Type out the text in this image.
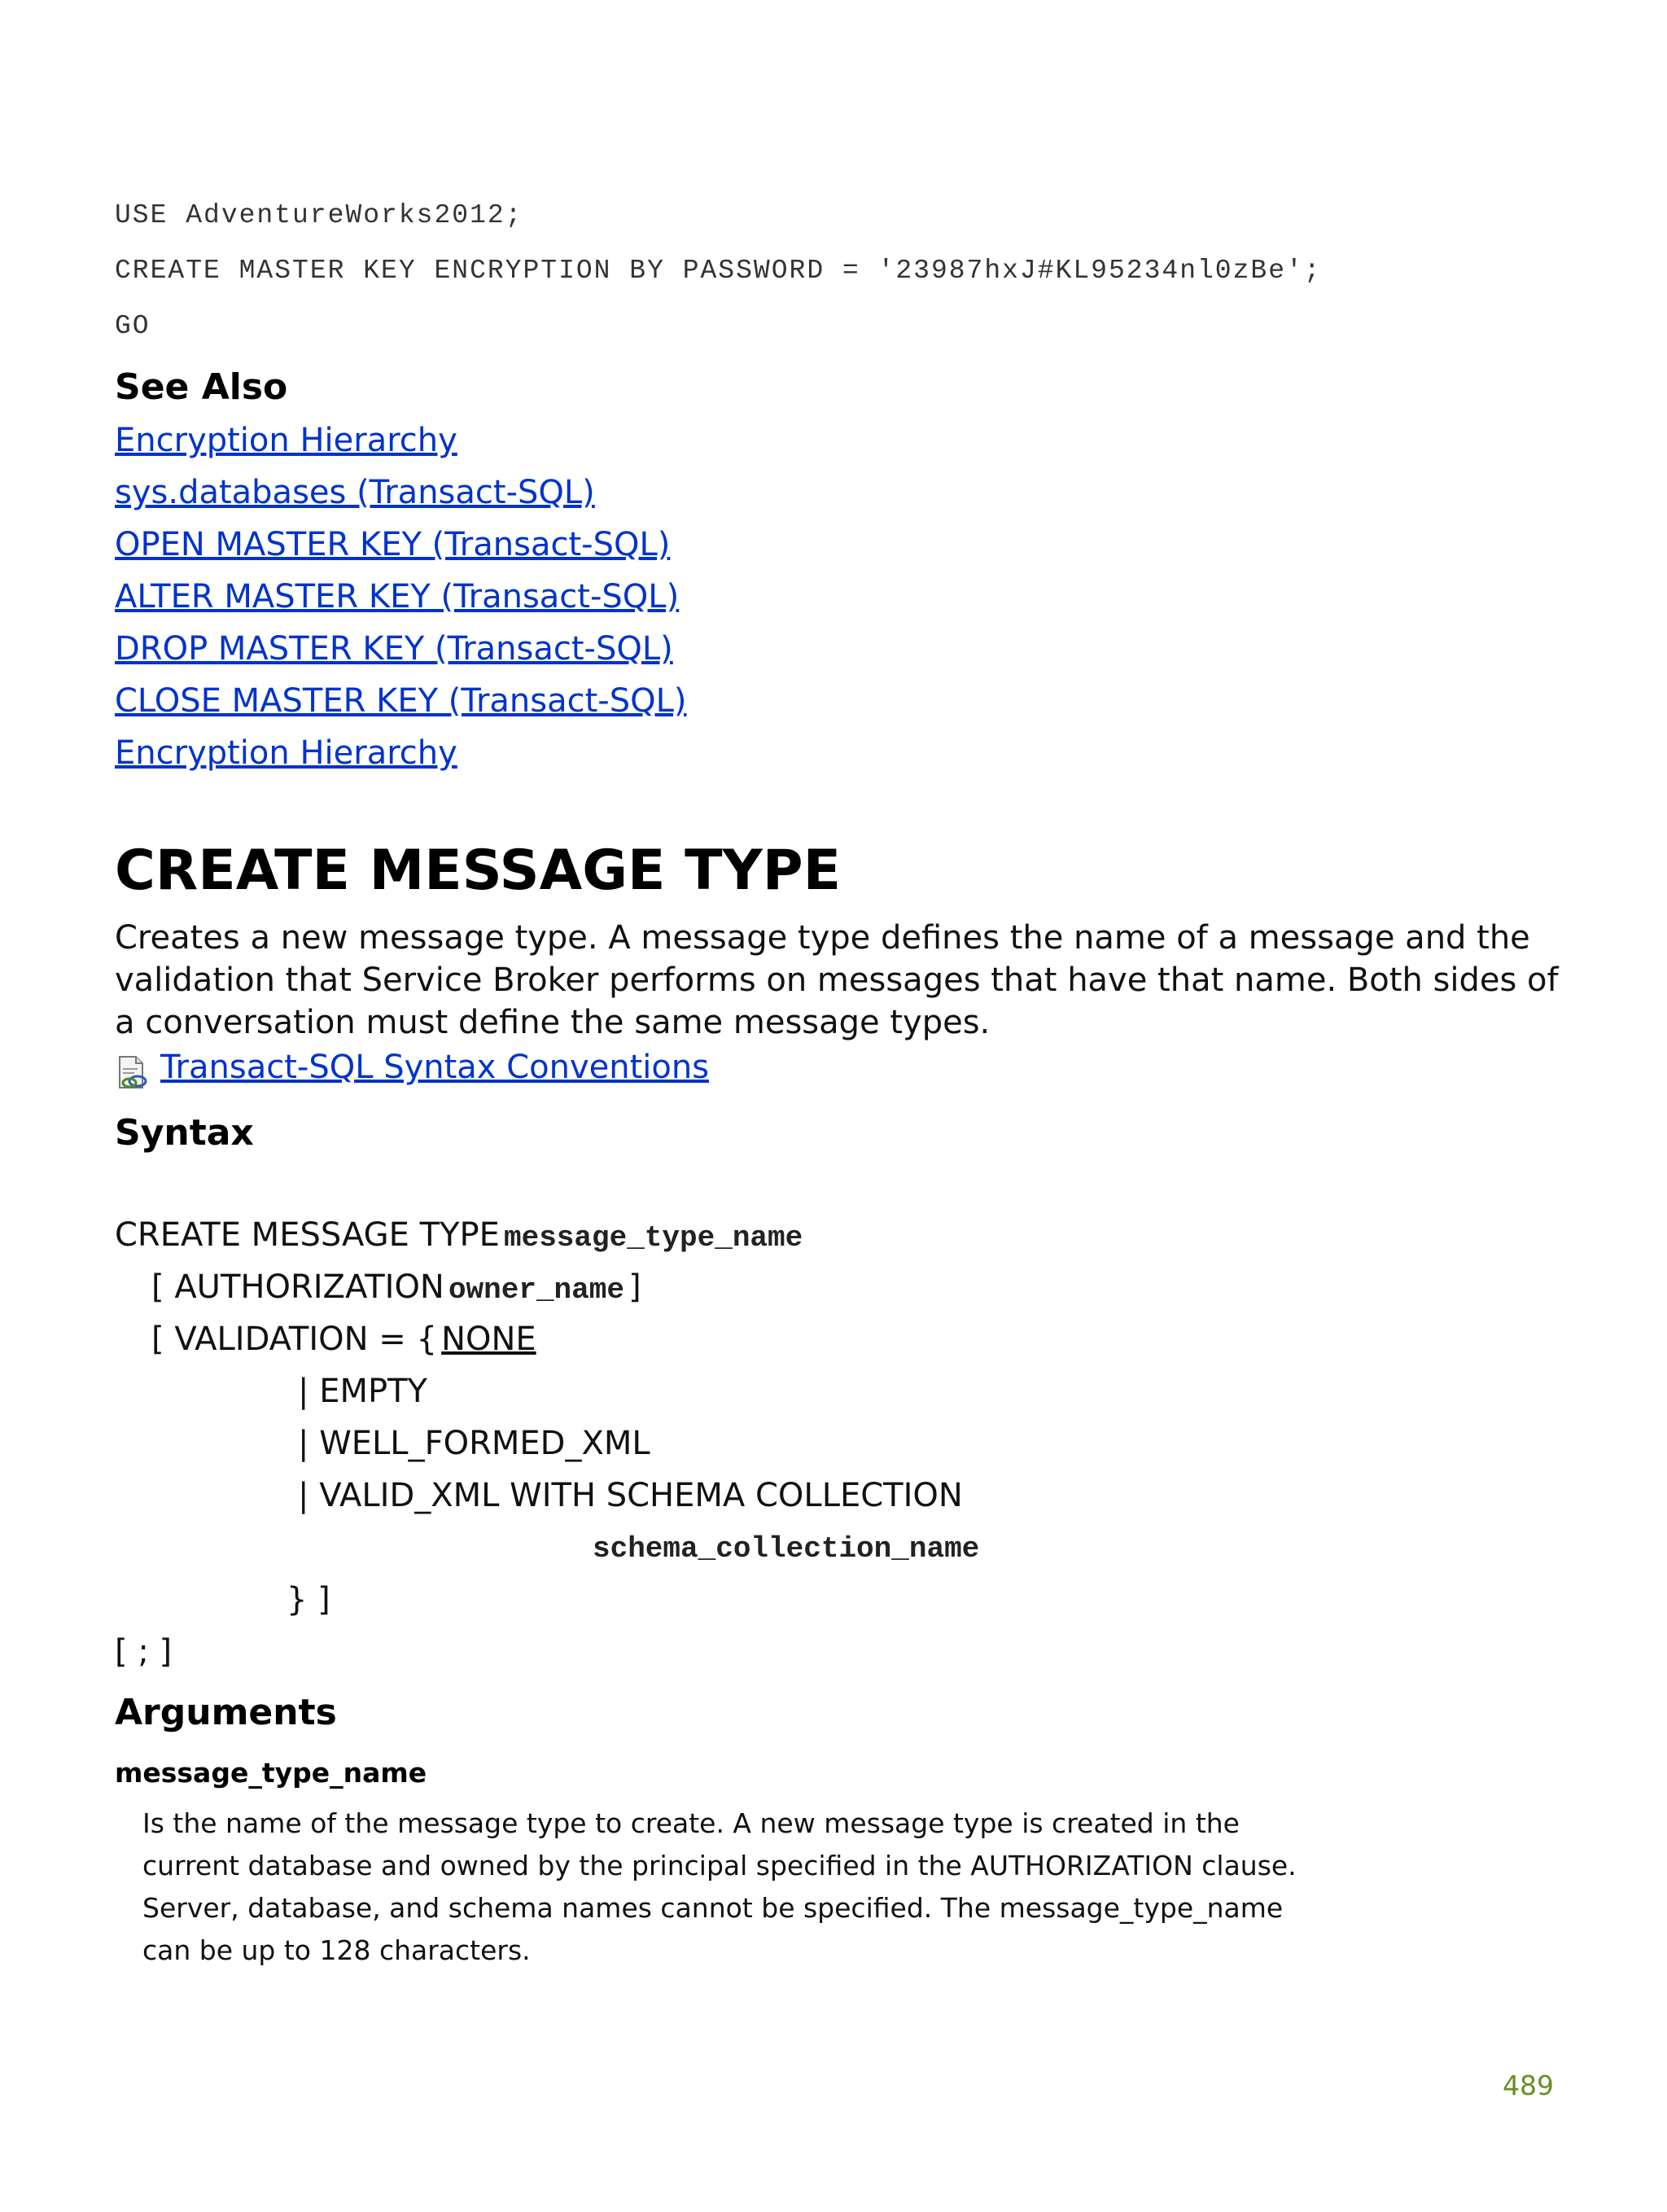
USE AdventureWorks2012;
CREATE MASTER KEY ENCRYPTION BY PASSWORD = '23987hxJ#KL95234nl0zBe';
GO
See Also
Encryption Hierarchy
sys.databases (Transact-SQL)
OPEN MASTER KEY (Transact-SQL)
ALTER MASTER KEY (Transact-SQL)
DROP MASTER KEY (Transact-SQL)
CLOSE MASTER KEY (Transact-SQL)
Encryption Hierarchy
CREATE MESSAGE TYPE
Creates a new message type. A message type defines the name of a message and the validation that Service Broker performs on messages that have that name. Both sides of a conversation must define the same message types.
Transact-SQL Syntax Conventions
Syntax
CREATE MESSAGE TYPE message_type_name
[ AUTHORIZATION owner_name ]
[ VALIDATION = { NONE
| EMPTY
| WELL_FORMED_XML
| VALID_XML WITH SCHEMA COLLECTION
schema_collection_name
} ]
[ ; ]
Arguments
message_type_name
Is the name of the message type to create. A new message type is created in the current database and owned by the principal specified in the AUTHORIZATION clause. Server, database, and schema names cannot be specified. The message_type_name can be up to 128 characters.
489
